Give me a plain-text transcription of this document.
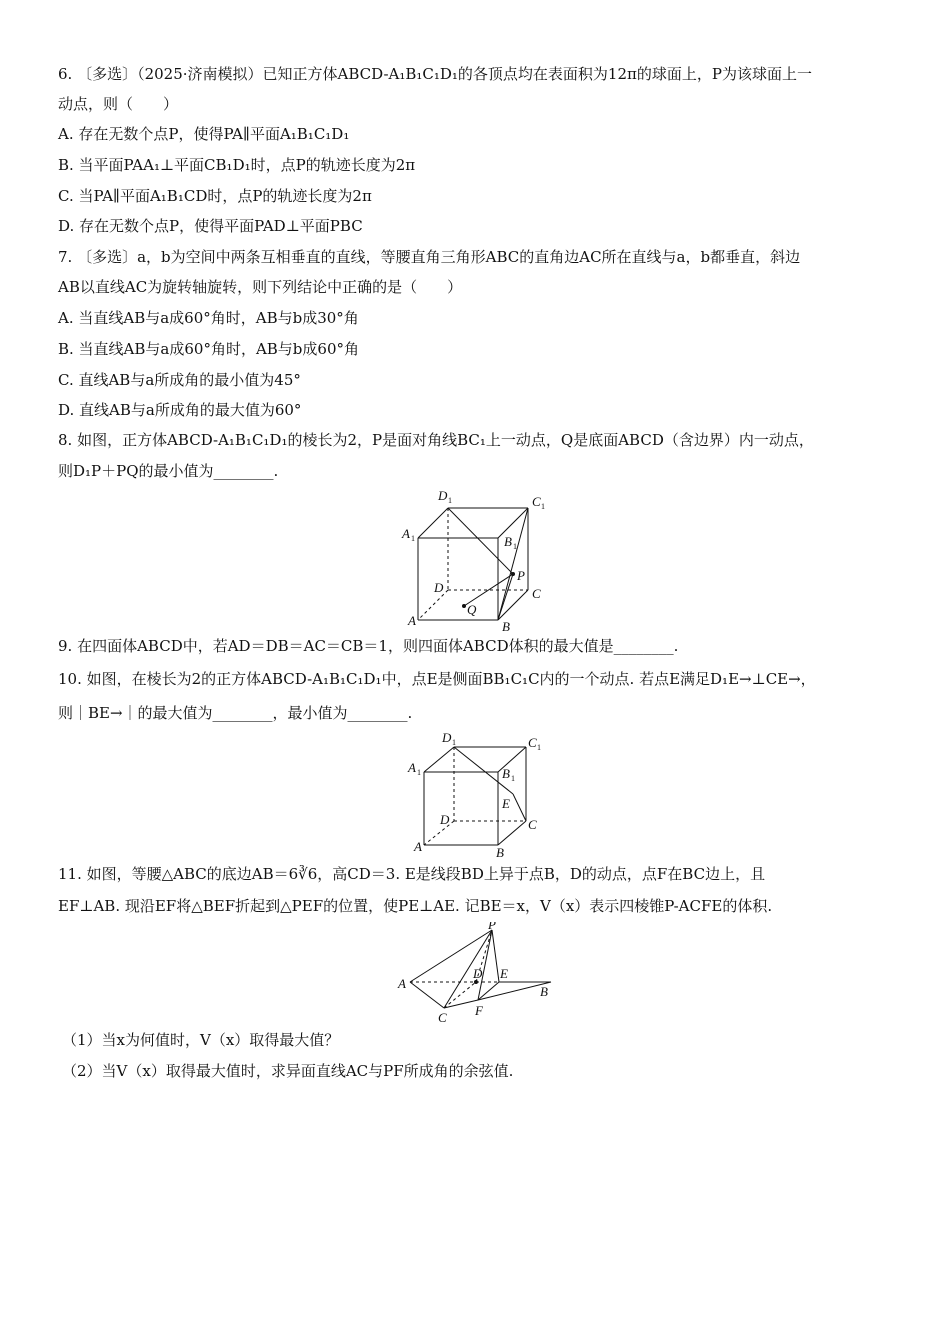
6. 〔多选〕（2025·济南模拟）已知正方体ABCD-A₁B₁C₁D₁的各顶点均在表面积为12π的球面上，P为该球面上一
动点，则（　　）
A. 存在无数个点P，使得PA∥平面A₁B₁C₁D₁
B. 当平面PAA₁⊥平面CB₁D₁时，点P的轨迹长度为2π
C. 当PA∥平面A₁B₁CD时，点P的轨迹长度为2π
D. 存在无数个点P，使得平面PAD⊥平面PBC
7. 〔多选〕a，b为空间中两条互相垂直的直线，等腰直角三角形ABC的直角边AC所在直线与a，b都垂直，斜边
AB以直线AC为旋转轴旋转，则下列结论中正确的是（　　）
A. 当直线AB与a成60°角时，AB与b成30°角
B. 当直线AB与a成60°角时，AB与b成60°角
C. 直线AB与a所成角的最小值为45°
D. 直线AB与a所成角的最大值为60°
8. 如图，正方体ABCD-A₁B₁C₁D₁的棱长为2，P是面对角线BC₁上一动点，Q是底面ABCD（含边界）内一动点，
则D₁P＋PQ的最小值为________.
D 1	C 1
A 1	B 1
P
D	C
A
Q
B
9. 在四面体ABCD中，若AD＝DB＝AC＝CB＝1，则四面体ABCD体积的最大值是________.
10. 如图，在棱长为2的正方体ABCD-A₁B₁C₁D₁中，点E是侧面BB₁C₁C内的一个动点. 若点E满足D₁E→⊥CE→，
则｜BE→｜的最大值为________，最小值为________.
D 1	C 1
A 1	B 1
E
D	C
A	B
11. 如图，等腰△ABC的底边AB＝6∛6，高CD＝3. E是线段BD上异于点B，D的动点，点F在BC边上，且
EF⊥AB. 现沿EF将△BEF折起到△PEF的位置，使PE⊥AE. 记BE＝x，V（x）表示四棱锥P-ACFE的体积.
P
A
D E
B
C F
（1）当x为何值时，V（x）取得最大值？
（2）当V（x）取得最大值时，求异面直线AC与PF所成角的余弦值.
